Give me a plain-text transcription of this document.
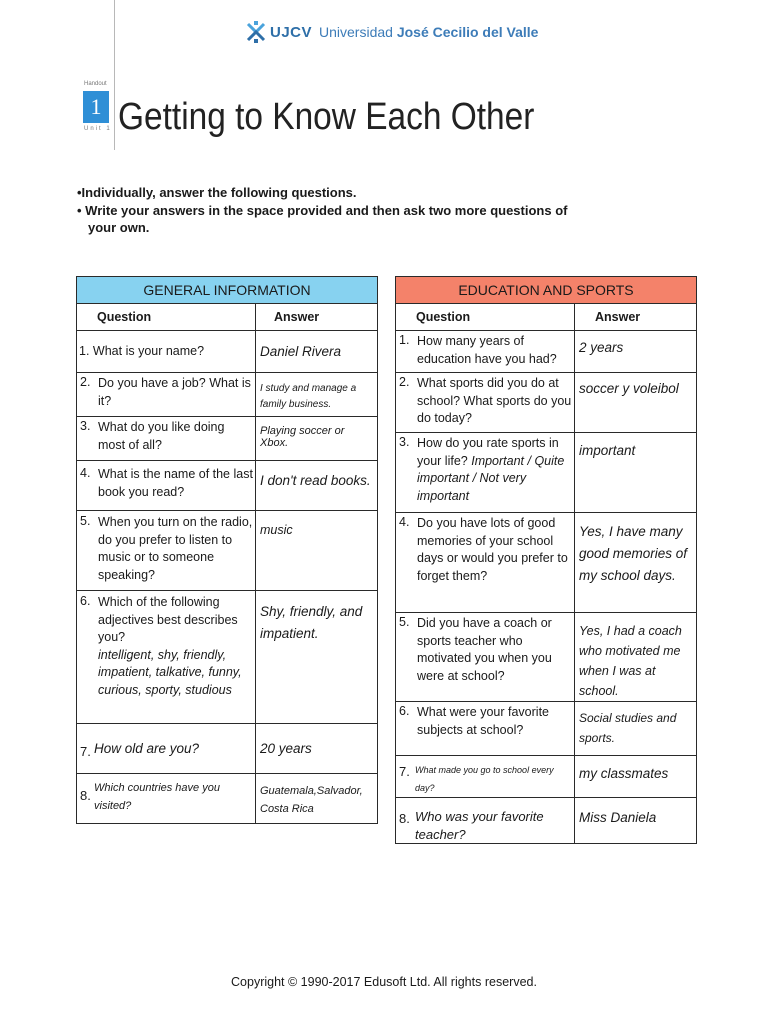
UJCV Universidad José Cecilio del Valle
Handout
1
Unit 1 Getting to Know Each Other
•Individually, answer the following questions.
• Write your answers in the space provided and then ask two more questions of
your own.
GENERAL INFORMATION	
Question	Answer

1. What is your name?	Daniel Rivera

2. Do you have a job? What is it?	I study and manage a family business.

3. What do you like doing most of all?	Playing soccer or Xbox.

4. What is the name of the last book you read?	I don't read books.

5. When you turn on the radio, do you prefer to listen to music or to someone speaking?	music

6. Which of the following adjectives best describes you?
intelligent, shy, friendly, impatient, talkative, funny, curious, sporty, studious	Shy, friendly, and impatient.

7. How old are you?	20 years

8. Which countries have you visited?	Guatemala,Salvador, Costa Rica
EDUCATION AND SPORTS	
Question	Answer

1. How many years of education have you had?	2 years

2. What sports did you do at school? What sports do you do today?	soccer y voleibol

3. How do you rate sports in your life? Important / Quite important / Not very important	important

4. Do you have lots of good memories of your school days or would you prefer to forget them?	Yes, I have many good memories of my school days.

5. Did you have a coach or sports teacher who motivated you when you were at school?	Yes, I had a coach who motivated me when I was at school.

6. What were your favorite subjects at school?	Social studies and sports.

7. What made you go to school every day?	my classmates

8. Who was your favorite teacher?	Miss Daniela
Copyright © 1990-2017 Edusoft Ltd. All rights reserved.
